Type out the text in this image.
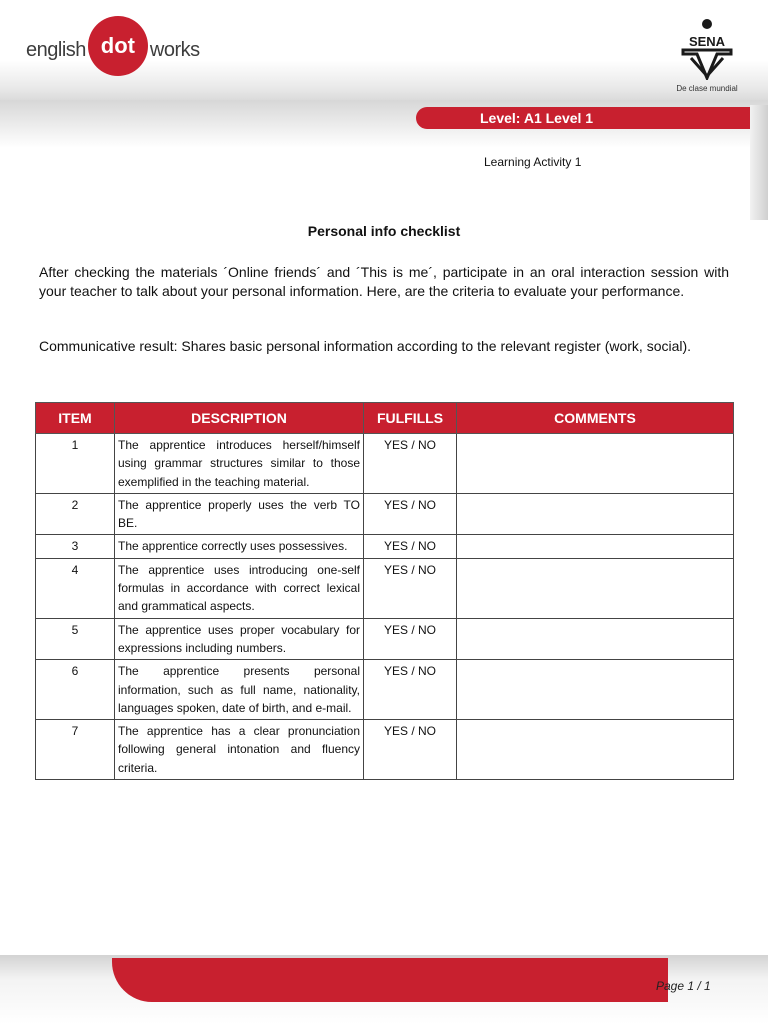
english dot works	SENA
De clase mundial
Level: A1 Level 1
Learning Activity 1
Personal info checklist
After checking the materials ´Online friends´ and ´This is me´, participate in an oral interaction session with your teacher to talk about your personal information. Here, are the criteria to evaluate your performance.
Communicative result: Shares basic personal information according to the relevant register (work, social).
ITEM	DESCRIPTION	FULFILLS	COMMENTS
1	The apprentice introduces herself/himself using grammar structures similar to those exemplified in the teaching material.	YES / NO	
2	The apprentice properly uses the verb TO BE.	YES / NO	
3	The apprentice correctly uses possessives.	YES / NO	
4	The apprentice uses introducing one-self formulas in accordance with correct lexical and grammatical aspects.	YES / NO	
5	The apprentice uses proper vocabulary for expressions including numbers.	YES / NO	
6	The apprentice presents personal information, such as full name, nationality, languages spoken, date of birth, and e-mail.	YES / NO	
7	The apprentice has a clear pronunciation following general intonation and fluency criteria.	YES / NO	
Page 1 / 1
